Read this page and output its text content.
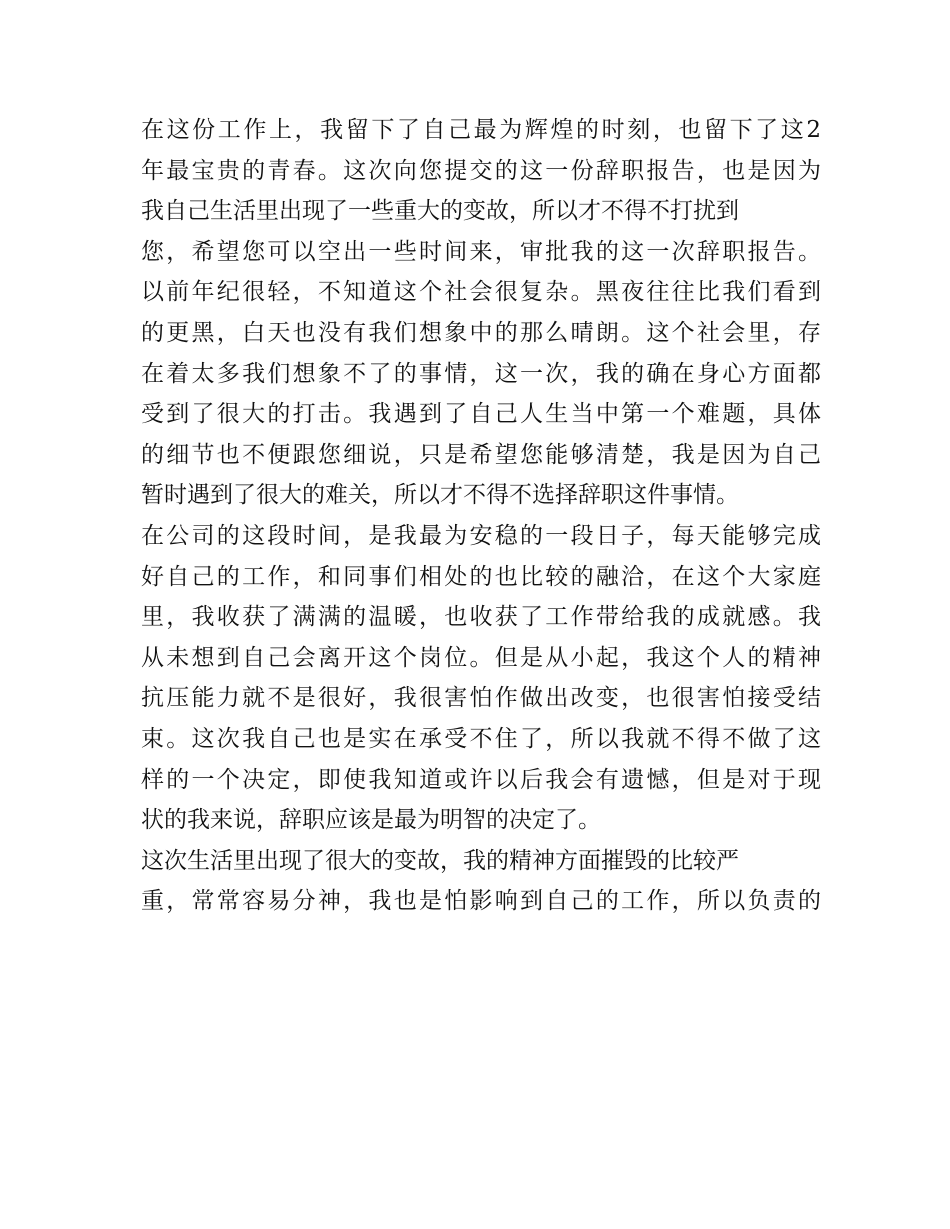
在这份工作上，我留下了自己最为辉煌的时刻，也留下了这2
年最宝贵的青春。这次向您提交的这一份辞职报告，也是因为
我自己生活里出现了一些重大的变故，所以才不得不打扰到
您，希望您可以空出一些时间来，审批我的这一次辞职报告。
以前年纪很轻，不知道这个社会很复杂。黑夜往往比我们看到
的更黑，白天也没有我们想象中的那么晴朗。这个社会里，存
在着太多我们想象不了的事情，这一次，我的确在身心方面都
受到了很大的打击。我遇到了自己人生当中第一个难题，具体
的细节也不便跟您细说，只是希望您能够清楚，我是因为自己
暂时遇到了很大的难关，所以才不得不选择辞职这件事情。
在公司的这段时间，是我最为安稳的一段日子，每天能够完成
好自己的工作，和同事们相处的也比较的融洽，在这个大家庭
里，我收获了满满的温暖，也收获了工作带给我的成就感。我
从未想到自己会离开这个岗位。但是从小起，我这个人的精神
抗压能力就不是很好，我很害怕作做出改变，也很害怕接受结
束。这次我自己也是实在承受不住了，所以我就不得不做了这
样的一个决定，即使我知道或许以后我会有遗憾，但是对于现
状的我来说，辞职应该是最为明智的决定了。
这次生活里出现了很大的变故，我的精神方面摧毁的比较严
重，常常容易分神，我也是怕影响到自己的工作，所以负责的
